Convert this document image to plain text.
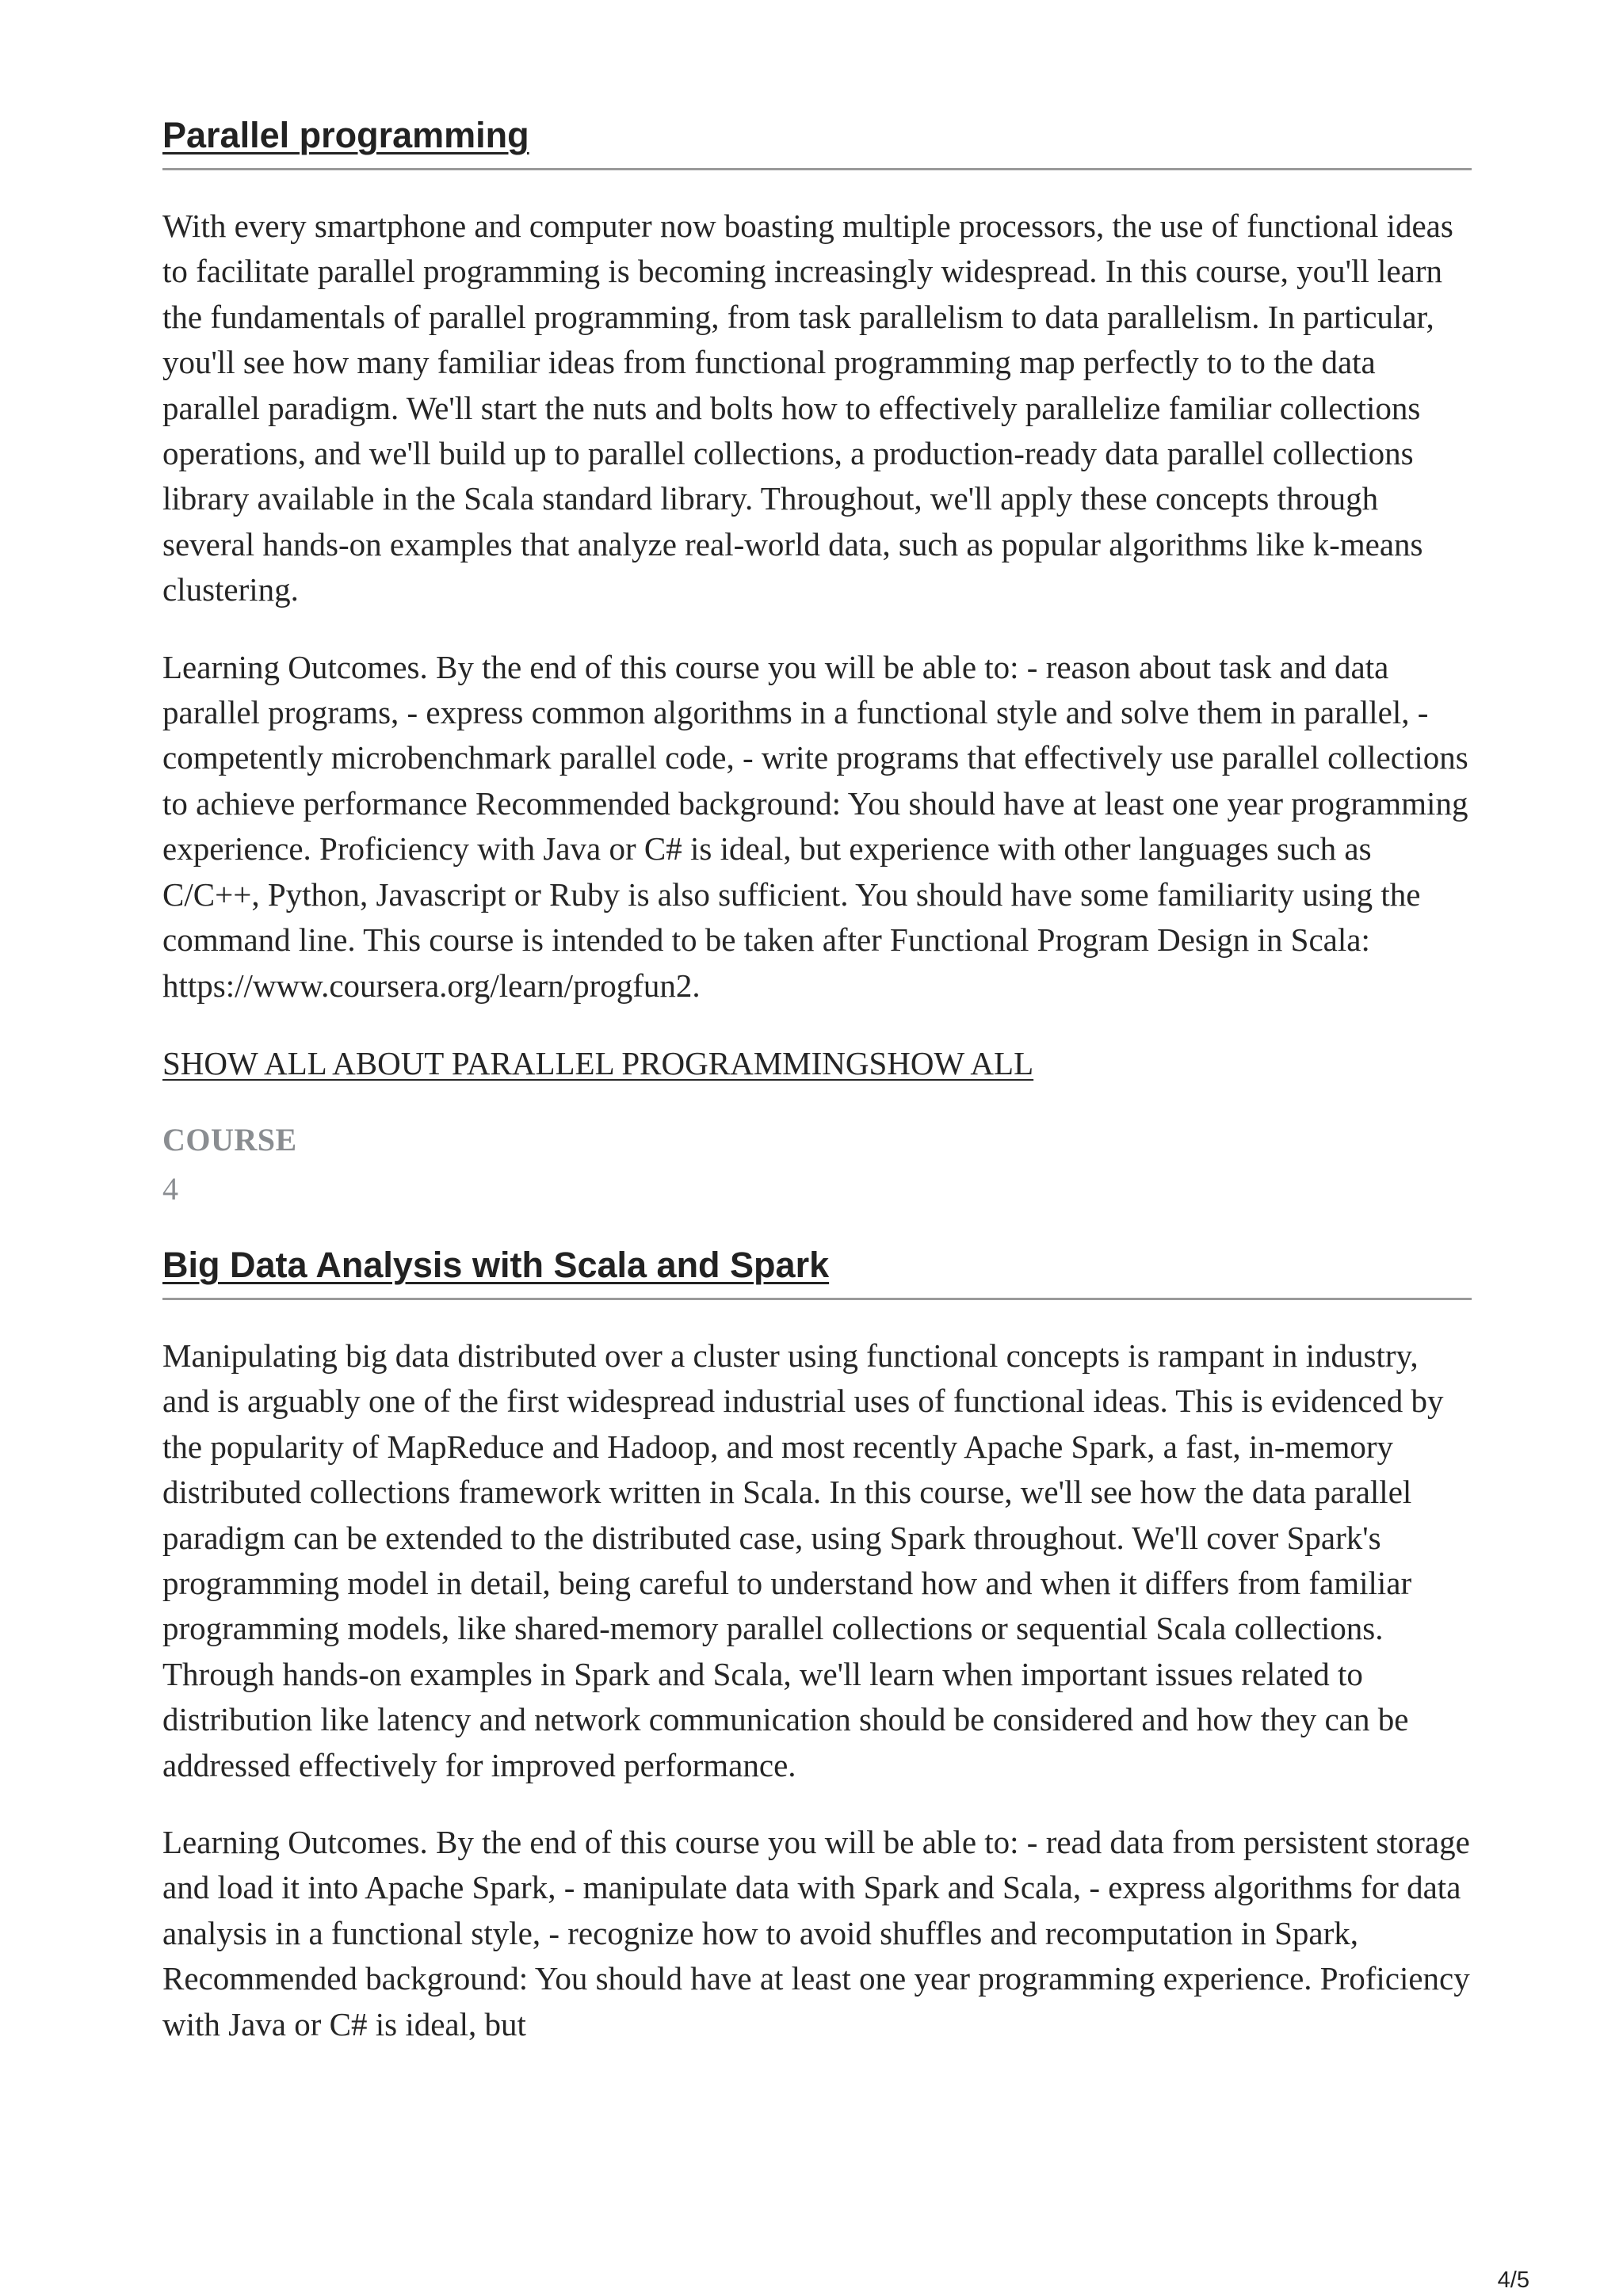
Parallel programming

With every smartphone and computer now boasting multiple processors, the use of functional ideas to facilitate parallel programming is becoming increasingly widespread. In this course, you'll learn the fundamentals of parallel programming, from task parallelism to data parallelism. In particular, you'll see how many familiar ideas from functional programming map perfectly to to the data parallel paradigm. We'll start the nuts and bolts how to effectively parallelize familiar collections operations, and we'll build up to parallel collections, a production-ready data parallel collections library available in the Scala standard library. Throughout, we'll apply these concepts through several hands-on examples that analyze real-world data, such as popular algorithms like k-means clustering.

Learning Outcomes. By the end of this course you will be able to: - reason about task and data parallel programs, - express common algorithms in a functional style and solve them in parallel, - competently microbenchmark parallel code, - write programs that effectively use parallel collections to achieve performance Recommended background: You should have at least one year programming experience. Proficiency with Java or C# is ideal, but experience with other languages such as C/C++, Python, Javascript or Ruby is also sufficient. You should have some familiarity using the command line. This course is intended to be taken after Functional Program Design in Scala: https://www.coursera.org/learn/progfun2.

SHOW ALL ABOUT PARALLEL PROGRAMMINGSHOW ALL
COURSE
4
Big Data Analysis with Scala and Spark

Manipulating big data distributed over a cluster using functional concepts is rampant in industry, and is arguably one of the first widespread industrial uses of functional ideas. This is evidenced by the popularity of MapReduce and Hadoop, and most recently Apache Spark, a fast, in-memory distributed collections framework written in Scala. In this course, we'll see how the data parallel paradigm can be extended to the distributed case, using Spark throughout. We'll cover Spark's programming model in detail, being careful to understand how and when it differs from familiar programming models, like shared-memory parallel collections or sequential Scala collections. Through hands-on examples in Spark and Scala, we'll learn when important issues related to distribution like latency and network communication should be considered and how they can be addressed effectively for improved performance.

Learning Outcomes. By the end of this course you will be able to: - read data from persistent storage and load it into Apache Spark, - manipulate data with Spark and Scala, - express algorithms for data analysis in a functional style, - recognize how to avoid shuffles and recomputation in Spark, Recommended background: You should have at least one year programming experience. Proficiency with Java or C# is ideal, but

4/5
